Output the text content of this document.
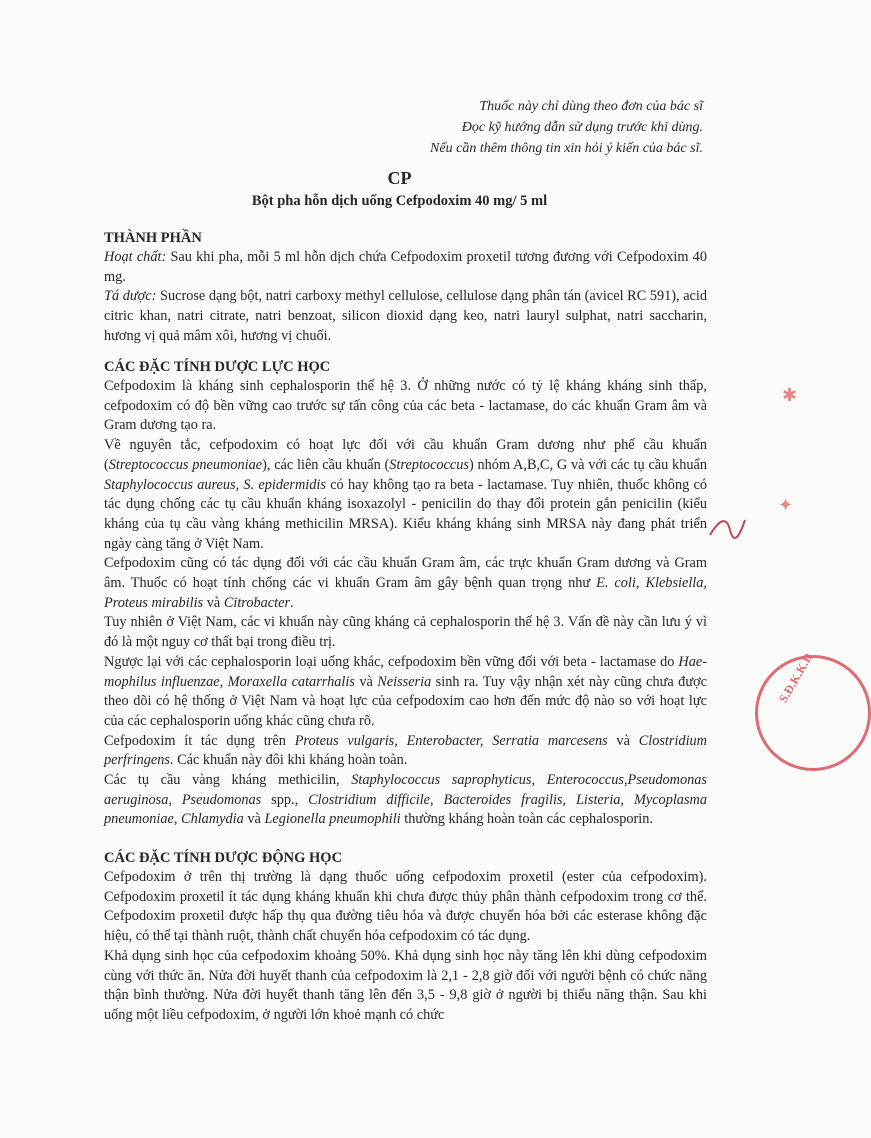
Thuốc này chỉ dùng theo đơn của bác sĩ
Đọc kỹ hướng dẫn sử dụng trước khi dùng.
Nếu cần thêm thông tin xin hỏi ý kiến của bác sĩ.
CP
Bột pha hỗn dịch uống Cefpodoxim 40 mg/ 5 ml
THÀNH PHẦN

Hoạt chất: Sau khi pha, mỗi 5 ml hỗn dịch chứa Cefpodoxim proxetil tương đương với Cefpodoxim 40 mg.

Tá dược: Sucrose dạng bột, natri carboxy methyl cellulose, cellulose dạng phân tán (avicel RC 591), acid citric khan, natri citrate, natri benzoat, silicon dioxid dạng keo, natri lauryl sulphat, natri saccharin, hương vị quả mâm xôi, hương vị chuối.

CÁC ĐẶC TÍNH DƯỢC LỰC HỌC

Cefpodoxim là kháng sinh cephalosporin thế hệ 3. Ở những nước có tỷ lệ kháng kháng sinh thấp, cefpodoxim có độ bền vững cao trước sự tấn công của các beta - lactamase, do các khuẩn Gram âm và Gram dương tạo ra.

Về nguyên tắc, cefpodoxim có hoạt lực đối với cầu khuẩn Gram dương như phế cầu khuẩn (Streptococcus pneumoniae), các liên cầu khuẩn (Streptococcus) nhóm A,B,C, G và với các tụ cầu khuẩn Staphylococcus aureus, S. epidermidis có hay không tạo ra beta - lactamase. Tuy nhiên, thuốc không có tác dụng chống các tụ cầu khuẩn kháng isoxazolyl - penicilin do thay đổi protein gắn penicilin (kiểu kháng của tụ cầu vàng kháng methicilin MRSA). Kiểu kháng kháng sinh MRSA này đang phát triển ngày càng tăng ở Việt Nam.

Cefpodoxim cũng có tác dụng đối với các cầu khuẩn Gram âm, các trực khuẩn Gram dương và Gram âm. Thuốc có hoạt tính chống các vi khuẩn Gram âm gây bệnh quan trọng như E. coli, Klebsiella, Proteus mirabilis và Citrobacter.

Tuy nhiên ở Việt Nam, các vi khuẩn này cũng kháng cả cephalosporin thế hệ 3. Vấn đề này cần lưu ý vì đó là một nguy cơ thất bại trong điều trị.

Ngược lại với các cephalosporin loại uống khác, cefpodoxim bền vững đối với beta - lactamase do Hae-mophilus influenzae, Moraxella catarrhalis và Neisseria sinh ra. Tuy vậy nhận xét này cũng chưa được theo dõi có hệ thống ở Việt Nam và hoạt lực của cefpodoxim cao hơn đến mức độ nào so với hoạt lực của các cephalosporin uống khác cũng chưa rõ.

Cefpodoxim ít tác dụng trên Proteus vulgaris, Enterobacter, Serratia marcesens và Clostridium perfringens. Các khuẩn này đôi khi kháng hoàn toàn.

Các tụ cầu vàng kháng methicilin, Staphylococcus saprophyticus, Enterococcus,Pseudomonas aeruginosa, Pseudomonas spp., Clostridium difficile, Bacteroides fragilis, Listeria, Mycoplasma pneumoniae, Chlamydia và Legionella pneumophili thường kháng hoàn toàn các cephalosporin.

CÁC ĐẶC TÍNH DƯỢC ĐỘNG HỌC

Cefpodoxim ở trên thị trường là dạng thuốc uống cefpodoxim proxetil (ester của cefpodoxim). Cefpodoxim proxetil ít tác dụng kháng khuẩn khi chưa được thủy phân thành cefpodoxim trong cơ thể. Cefpodoxim proxetil được hấp thụ qua đường tiêu hóa và được chuyển hóa bởi các esterase không đặc hiệu, có thể tại thành ruột, thành chất chuyển hóa cefpodoxim có tác dụng.

Khả dụng sinh học của cefpodoxim khoảng 50%. Khả dụng sinh học này tăng lên khi dùng cefpodoxim cùng với thức ăn. Nửa đời huyết thanh của cefpodoxim là 2,1 - 2,8 giờ đối với người bệnh có chức năng thận bình thường. Nửa đời huyết thanh tăng lên đến 3,5 - 9,8 giờ ở người bị thiểu năng thận. Sau khi uống một liều cefpodoxim, ở người lớn khoẻ mạnh có chức

✱
✦
S.Đ.K.K.D
